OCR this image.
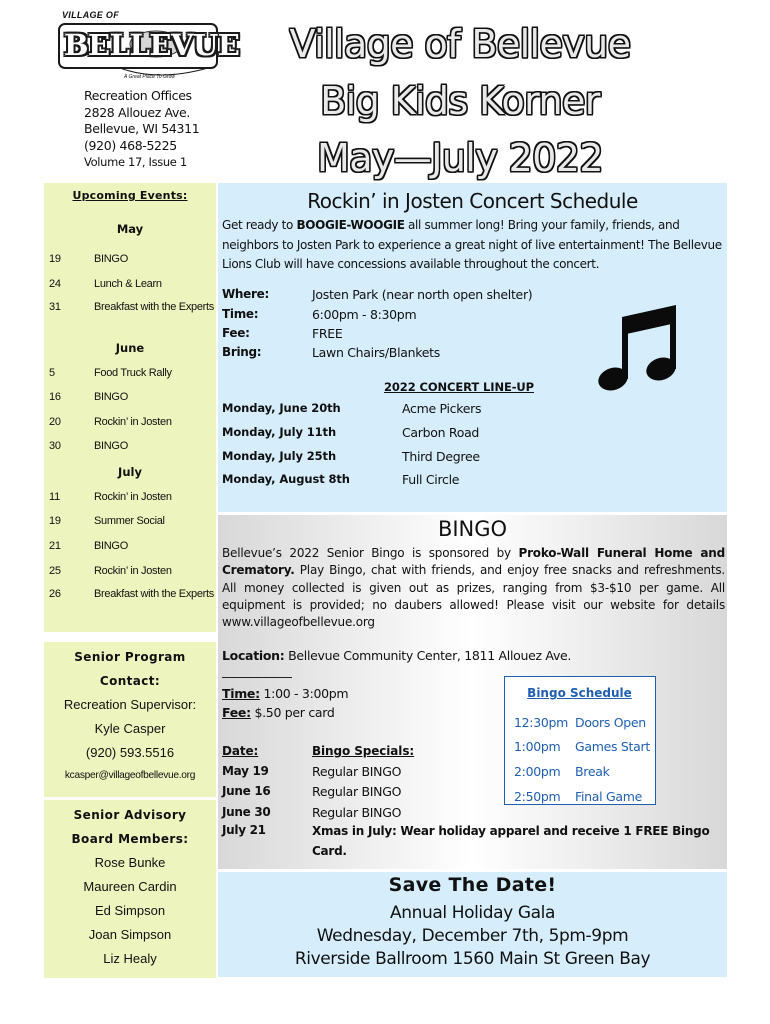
VILLAGE OF
BELLEVUE
A Great Place To Grow
Recreation Offices
2828 Allouez Ave.
Bellevue, WI 54311
(920) 468-5225
Volume 17, Issue 1
Village of Bellevue
Big Kids Korner
May—July 2022
Upcoming Events:
May
19	BINGO
24	Lunch & Learn
31	Breakfast with the Experts
June
5	Food Truck Rally
16	BINGO
20	Rockin’ in Josten
30	BINGO
July
11	Rockin’ in Josten
19	Summer Social
21	BINGO
25	Rockin’ in Josten
26	Breakfast with the Experts
Senior Program
Contact:
Recreation Supervisor:
Kyle Casper
(920) 593.5516
kcasper@villageofbellevue.org
Senior Advisory
Board Members:
Rose Bunke
Maureen Cardin
Ed Simpson
Joan Simpson
Liz Healy
Rockin’ in Josten Concert Schedule
Get ready to BOOGIE-WOOGIE all summer long! Bring your family, friends, and neighbors to Josten Park to experience a great night of live entertainment! The Bellevue Lions Club will have concessions available throughout the concert.
Where:	Josten Park (near north open shelter)
Time:	6:00pm - 8:30pm
Fee:	FREE
Bring:	Lawn Chairs/Blankets
2022 CONCERT LINE-UP
Monday, June 20th	Acme Pickers
Monday, July 11th	Carbon Road
Monday, July 25th	Third Degree
Monday, August 8th	Full Circle
BINGO
Bellevue’s 2022 Senior Bingo is sponsored by Proko-Wall Funeral Home and Crematory. Play Bingo, chat with friends, and enjoy free snacks and refreshments. All money collected is given out as prizes, ranging from $3-$10 per game. All equipment is provided; no daubers allowed! Please visit our website for details www.villageofbellevue.org
Location: Bellevue Community Center, 1811 Allouez Ave.
Time: 1:00 - 3:00pm
Fee: $.50 per card
Date:	Bingo Specials:
May 19	Regular BINGO
June 16	Regular BINGO
June 30	Regular BINGO
July 21	Xmas in July: Wear holiday apparel and receive 1 FREE Bingo Card.
Bingo Schedule
12:30pm Doors Open
1:00pm Games Start
2:00pm Break
2:50pm Final Game
Save The Date!
Annual Holiday Gala
Wednesday, December 7th, 5pm-9pm
Riverside Ballroom 1560 Main St Green Bay
